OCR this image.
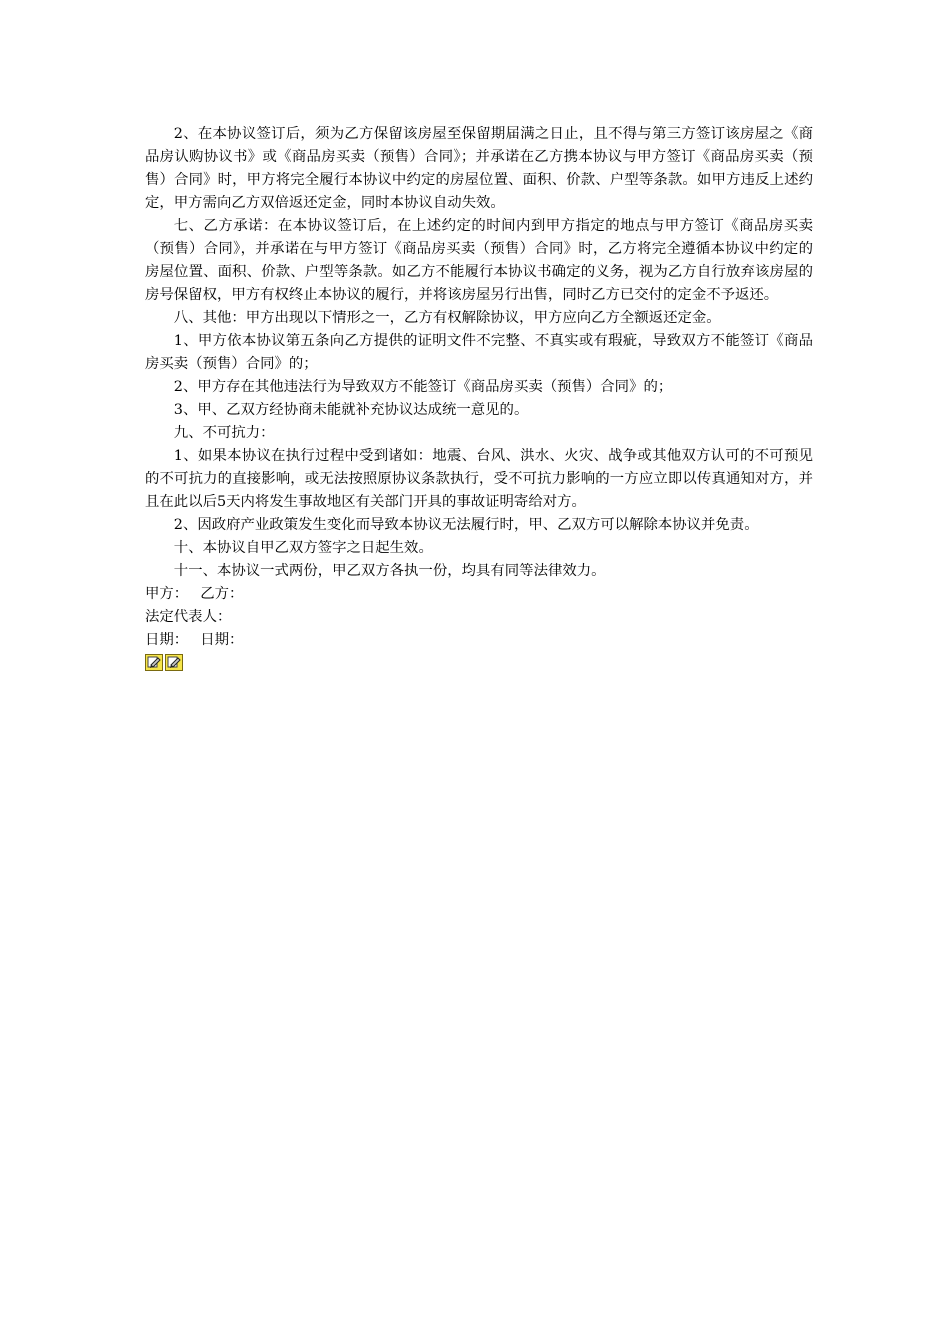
2、在本协议签订后，须为乙方保留该房屋至保留期届满之日止，且不得与第三方签订该房屋之《商品房认购协议书》或《商品房买卖（预售）合同》；并承诺在乙方携本协议与甲方签订《商品房买卖（预售）合同》时，甲方将完全履行本协议中约定的房屋位置、面积、价款、户型等条款。如甲方违反上述约定，甲方需向乙方双倍返还定金，同时本协议自动失效。

七、乙方承诺：在本协议签订后，在上述约定的时间内到甲方指定的地点与甲方签订《商品房买卖（预售）合同》，并承诺在与甲方签订《商品房买卖（预售）合同》时，乙方将完全遵循本协议中约定的房屋位置、面积、价款、户型等条款。如乙方不能履行本协议书确定的义务，视为乙方自行放弃该房屋的房号保留权，甲方有权终止本协议的履行，并将该房屋另行出售，同时乙方已交付的定金不予返还。

八、其他：甲方出现以下情形之一，乙方有权解除协议，甲方应向乙方全额返还定金。

1、甲方依本协议第五条向乙方提供的证明文件不完整、不真实或有瑕疵，导致双方不能签订《商品房买卖（预售）合同》的；

2、甲方存在其他违法行为导致双方不能签订《商品房买卖（预售）合同》的；

3、甲、乙双方经协商未能就补充协议达成统一意见的。

九、不可抗力：

1、如果本协议在执行过程中受到诸如：地震、台风、洪水、火灾、战争或其他双方认可的不可预见的不可抗力的直接影响，或无法按照原协议条款执行，受不可抗力影响的一方应立即以传真通知对方，并且在此以后5天内将发生事故地区有关部门开具的事故证明寄给对方。

2、因政府产业政策发生变化而导致本协议无法履行时，甲、乙双方可以解除本协议并免责。

十、本协议自甲乙双方签字之日起生效。

十一、本协议一式两份，甲乙双方各执一份，均具有同等法律效力。

甲方： 乙方：
法定代表人：
日期： 日期：
